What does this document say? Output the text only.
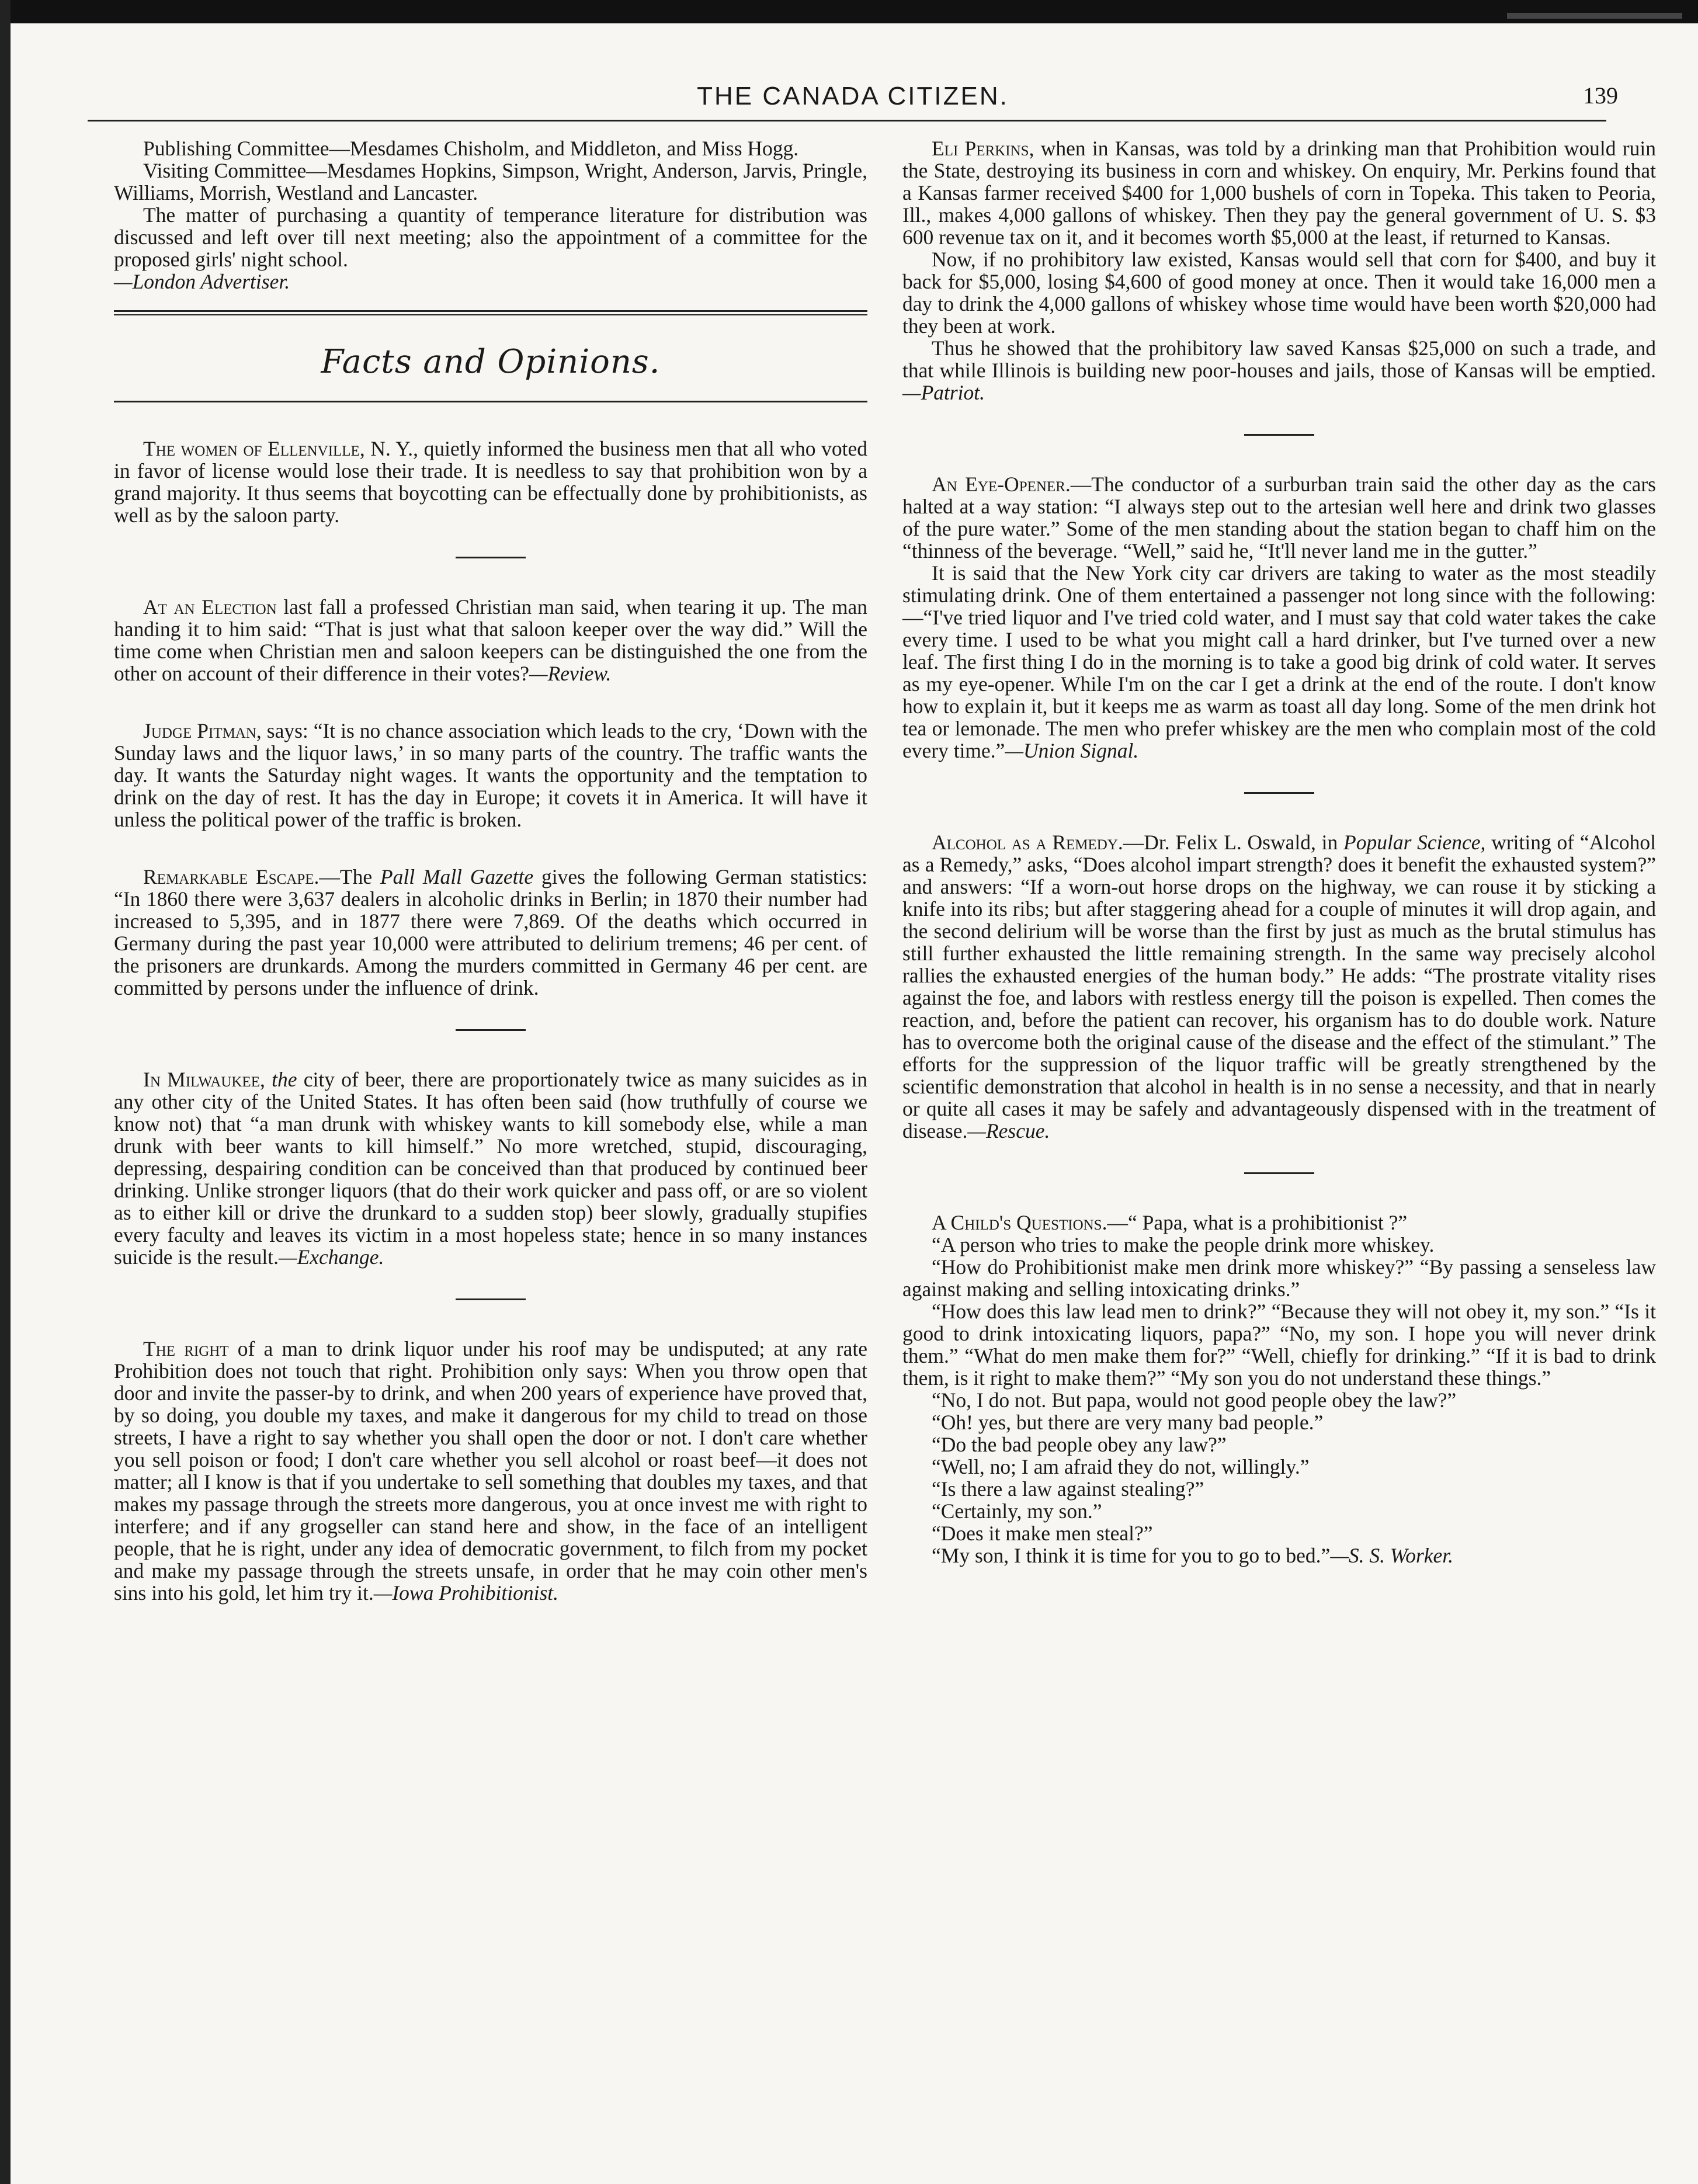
THE CANADA CITIZEN.	139

Publishing Committee—Mesdames Chisholm, and Middleton, and Miss Hogg.

Visiting Committee—Mesdames Hopkins, Simpson, Wright, Anderson, Jarvis, Pringle, Williams, Morrish, Westland and Lancaster.

The matter of purchasing a quantity of temperance literature for distribution was discussed and left over till next meeting; also the appointment of a committee for the proposed girls' night school.
—London Advertiser.

Facts and Opinions.

The women of Ellenville, N. Y., quietly informed the business men that all who voted in favor of license would lose their trade. It is needless to say that prohibition won by a grand majority. It thus seems that boycotting can be effectually done by prohibitionists, as well as by the saloon party.

At an Election last fall a professed Christian man said, when tearing it up. The man handing it to him said: “That is just what that saloon keeper over the way did.” Will the time come when Christian men and saloon keepers can be distinguished the one from the other on account of their difference in their votes?—Review.

Judge Pitman, says: “It is no chance association which leads to the cry, ‘Down with the Sunday laws and the liquor laws,’ in so many parts of the country. The traffic wants the day. It wants the Saturday night wages. It wants the opportunity and the temptation to drink on the day of rest. It has the day in Europe; it covets it in America. It will have it unless the political power of the traffic is broken.

Remarkable Escape.—The Pall Mall Gazette gives the following German statistics: “In 1860 there were 3,637 dealers in alcoholic drinks in Berlin; in 1870 their number had increased to 5,395, and in 1877 there were 7,869. Of the deaths which occurred in Germany during the past year 10,000 were attributed to delirium tremens; 46 per cent. of the prisoners are drunkards. Among the murders committed in Germany 46 per cent. are committed by persons under the influence of drink.

In Milwaukee, the city of beer, there are proportionately twice as many suicides as in any other city of the United States. It has often been said (how truthfully of course we know not) that “a man drunk with whiskey wants to kill somebody else, while a man drunk with beer wants to kill himself.” No more wretched, stupid, discouraging, depressing, despairing condition can be conceived than that produced by continued beer drinking. Unlike stronger liquors (that do their work quicker and pass off, or are so violent as to either kill or drive the drunkard to a sudden stop) beer slowly, gradually stupifies every faculty and leaves its victim in a most hopeless state; hence in so many instances suicide is the result.—Exchange.

The right of a man to drink liquor under his roof may be undisputed; at any rate Prohibition does not touch that right. Prohibition only says: When you throw open that door and invite the passer-by to drink, and when 200 years of experience have proved that, by so doing, you double my taxes, and make it dangerous for my child to tread on those streets, I have a right to say whether you shall open the door or not. I don't care whether you sell poison or food; I don't care whether you sell alcohol or roast beef—it does not matter; all I know is that if you undertake to sell something that doubles my taxes, and that makes my passage through the streets more dangerous, you at once invest me with right to interfere; and if any grogseller can stand here and show, in the face of an intelligent people, that he is right, under any idea of democratic government, to filch from my pocket and make my passage through the streets unsafe, in order that he may coin other men's sins into his gold, let him try it.—Iowa Prohibitionist.

Eli Perkins, when in Kansas, was told by a drinking man that Prohibition would ruin the State, destroying its business in corn and whiskey. On enquiry, Mr. Perkins found that a Kansas farmer received $400 for 1,000 bushels of corn in Topeka. This taken to Peoria, Ill., makes 4,000 gallons of whiskey. Then they pay the general government of U. S. $3 600 revenue tax on it, and it becomes worth $5,000 at the least, if returned to Kansas.

Now, if no prohibitory law existed, Kansas would sell that corn for $400, and buy it back for $5,000, losing $4,600 of good money at once. Then it would take 16,000 men a day to drink the 4,000 gallons of whiskey whose time would have been worth $20,000 had they been at work.

Thus he showed that the prohibitory law saved Kansas $25,000 on such a trade, and that while Illinois is building new poor-houses and jails, those of Kansas will be emptied.—Patriot.

An Eye-Opener.—The conductor of a surburban train said the other day as the cars halted at a way station: “I always step out to the artesian well here and drink two glasses of the pure water.” Some of the men standing about the station began to chaff him on the “thinness of the beverage. “Well,” said he, “It'll never land me in the gutter.”

It is said that the New York city car drivers are taking to water as the most steadily stimulating drink. One of them entertained a passenger not long since with the following:—“I've tried liquor and I've tried cold water, and I must say that cold water takes the cake every time. I used to be what you might call a hard drinker, but I've turned over a new leaf. The first thing I do in the morning is to take a good big drink of cold water. It serves as my eye-opener. While I'm on the car I get a drink at the end of the route. I don't know how to explain it, but it keeps me as warm as toast all day long. Some of the men drink hot tea or lemonade. The men who prefer whiskey are the men who complain most of the cold every time.”—Union Signal.

Alcohol as a Remedy.—Dr. Felix L. Oswald, in Popular Science, writing of “Alcohol as a Remedy,” asks, “Does alcohol impart strength? does it benefit the exhausted system?” and answers: “If a worn-out horse drops on the highway, we can rouse it by sticking a knife into its ribs; but after staggering ahead for a couple of minutes it will drop again, and the second delirium will be worse than the first by just as much as the brutal stimulus has still further exhausted the little remaining strength. In the same way precisely alcohol rallies the exhausted energies of the human body.” He adds: “The prostrate vitality rises against the foe, and labors with restless energy till the poison is expelled. Then comes the reaction, and, before the patient can recover, his organism has to do double work. Nature has to overcome both the original cause of the disease and the effect of the stimulant.” The efforts for the suppression of the liquor traffic will be greatly strengthened by the scientific demonstration that alcohol in health is in no sense a necessity, and that in nearly or quite all cases it may be safely and advantageously dispensed with in the treatment of disease.—Rescue.

A Child's Questions.—“ Papa, what is a prohibitionist ?”

“A person who tries to make the people drink more whiskey.

“How do Prohibitionist make men drink more whiskey?” “By passing a senseless law against making and selling intoxicating drinks.”

“How does this law lead men to drink?” “Because they will not obey it, my son.” “Is it good to drink intoxicating liquors, papa?” “No, my son. I hope you will never drink them.” “What do men make them for?” “Well, chiefly for drinking.” “If it is bad to drink them, is it right to make them?” “My son you do not understand these things.”

“No, I do not. But papa, would not good people obey the law?”

“Oh! yes, but there are very many bad people.”

“Do the bad people obey any law?”

“Well, no; I am afraid they do not, willingly.”

“Is there a law against stealing?”

“Certainly, my son.”

“Does it make men steal?”

“My son, I think it is time for you to go to bed.”—S. S. Worker.
